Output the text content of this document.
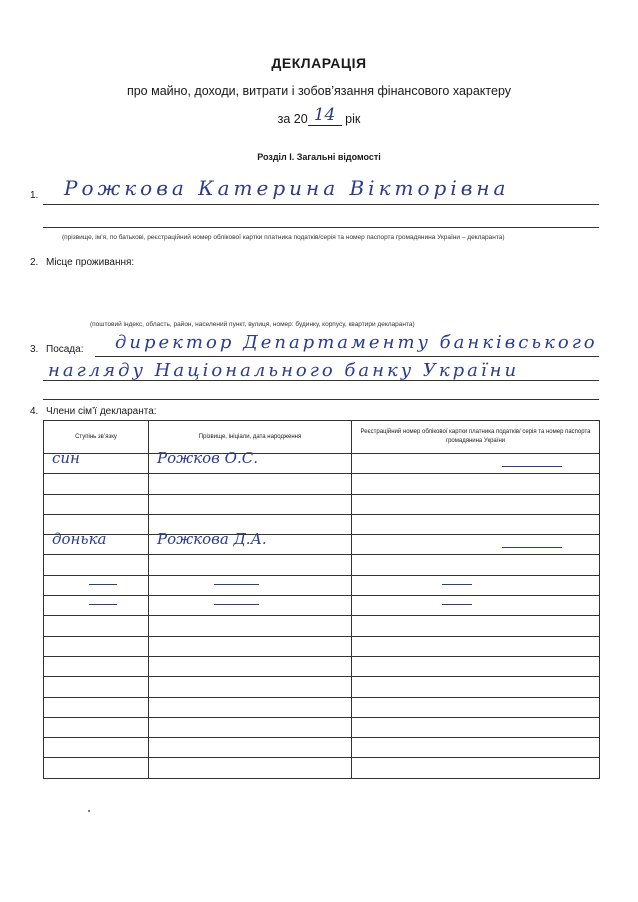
ДЕКЛАРАЦІЯ
про майно, доходи, витрати і зобов’язання фінансового характеру
за 20 14 рік
Розділ І. Загальні відомості
1. Рожкова Катерина Вікторівна
(прізвище, ім’я, по батькові, реєстраційний номер облікової картки платника податків/серія та номер паспорта громадянина України – декларанта)
2. Місце проживання:
(поштовий індекс, область, район, населений пункт, вулиця, номер: будинку, корпусу, квартири декларанта)
3. Посада: директор Департаменту банківського
нагляду Національного банку України
4. Члени сім’ї декларанта:
Ступінь зв’язку	Прізвище, ініціали, дата народження	Реєстраційний номер облікової картки платника податків/ серія та номер паспорта громадянина України

син	Рожков О.С.	

донька	Рожкова Д.А.	
